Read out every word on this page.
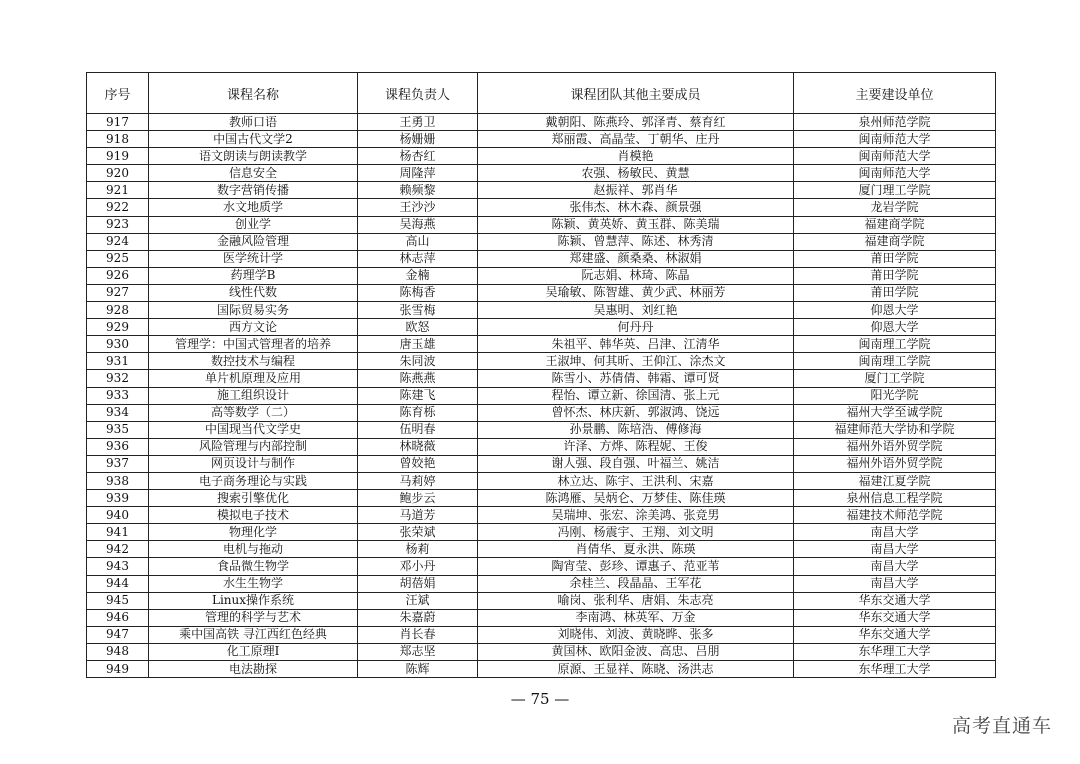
序号	课程名称	课程负责人	课程团队其他主要成员	主要建设单位
917	教师口语	王勇卫	戴朝阳、陈燕玲、郭泽青、蔡育红	泉州师范学院
918	中国古代文学2	杨姗姗	郑丽霞、高晶莹、丁朝华、庄丹	闽南师范大学
919	语文朗读与朗读教学	杨杏红	肖模艳	闽南师范大学
920	信息安全	周隆萍	农强、杨敏民、黄慧	闽南师范大学
921	数字营销传播	赖频黎	赵振祥、郭肖华	厦门理工学院
922	水文地质学	王沙沙	张伟杰、林木森、颜景强	龙岩学院
923	创业学	吴海燕	陈颖、黄英娇、黄玉群、陈美瑞	福建商学院
924	金融风险管理	高山	陈颖、曾慧萍、陈述、林秀清	福建商学院
925	医学统计学	林志萍	郑建盛、颜桑桑、林淑娟	莆田学院
926	药理学B	金楠	阮志娟、林琦、陈晶	莆田学院
927	线性代数	陈梅香	吴瑜敏、陈智雄、黄少武、林丽芳	莆田学院
928	国际贸易实务	张雪梅	吴惠明、刘红艳	仰恩大学
929	西方文论	欧怒	何丹丹	仰恩大学
930	管理学：中国式管理者的培养	唐玉雄	朱祖平、韩华英、吕津、江清华	闽南理工学院
931	数控技术与编程	朱同波	王淑坤、何其昕、王仰江、涂杰文	闽南理工学院
932	单片机原理及应用	陈燕燕	陈雪小、苏倩倩、韩霜、谭可贤	厦门工学院
933	施工组织设计	陈建飞	程怡、谭立新、徐国清、张上元	阳光学院
934	高等数学（二）	陈育栎	曾怀杰、林庆新、郭淑鸿、饶远	福州大学至诚学院
935	中国现当代文学史	伍明春	孙景鹏、陈培浩、傅修海	福建师范大学协和学院
936	风险管理与内部控制	林晓薇	许泽、方烨、陈程妮、王俊	福州外语外贸学院
937	网页设计与制作	曾姣艳	谢人强、段自强、叶福兰、姚洁	福州外语外贸学院
938	电子商务理论与实践	马莉婷	林立达、陈宇、王洪利、宋嘉	福建江夏学院
939	搜索引擎优化	鲍步云	陈鸿雁、吴炳仑、万梦佳、陈佳瑛	泉州信息工程学院
940	模拟电子技术	马道芳	吴瑞坤、张宏、涂美鸿、张竞男	福建技术师范学院
941	物理化学	张荣斌	冯刚、杨震宇、王翔、刘文明	南昌大学
942	电机与拖动	杨莉	肖倩华、夏永洪、陈瑛	南昌大学
943	食品微生物学	邓小丹	陶宵莹、彭珍、谭惠子、范亚苇	南昌大学
944	水生生物学	胡蓓娟	余桂兰、段晶晶、王军花	南昌大学
945	Linux操作系统	汪斌	喻岗、张利华、唐娟、朱志亮	华东交通大学
946	管理的科学与艺术	朱嘉蔚	李南鸿、林英军、万金	华东交通大学
947	乘中国高铁 寻江西红色经典	肖长春	刘晓伟、刘波、黄晓晔、张多	华东交通大学
948	化工原理I	郑志坚	黄国林、欧阳金波、高忠、吕朋	东华理工大学
949	电法勘探	陈辉	原源、王显祥、陈晓、汤洪志	东华理工大学
— 75 —
高考直通车
